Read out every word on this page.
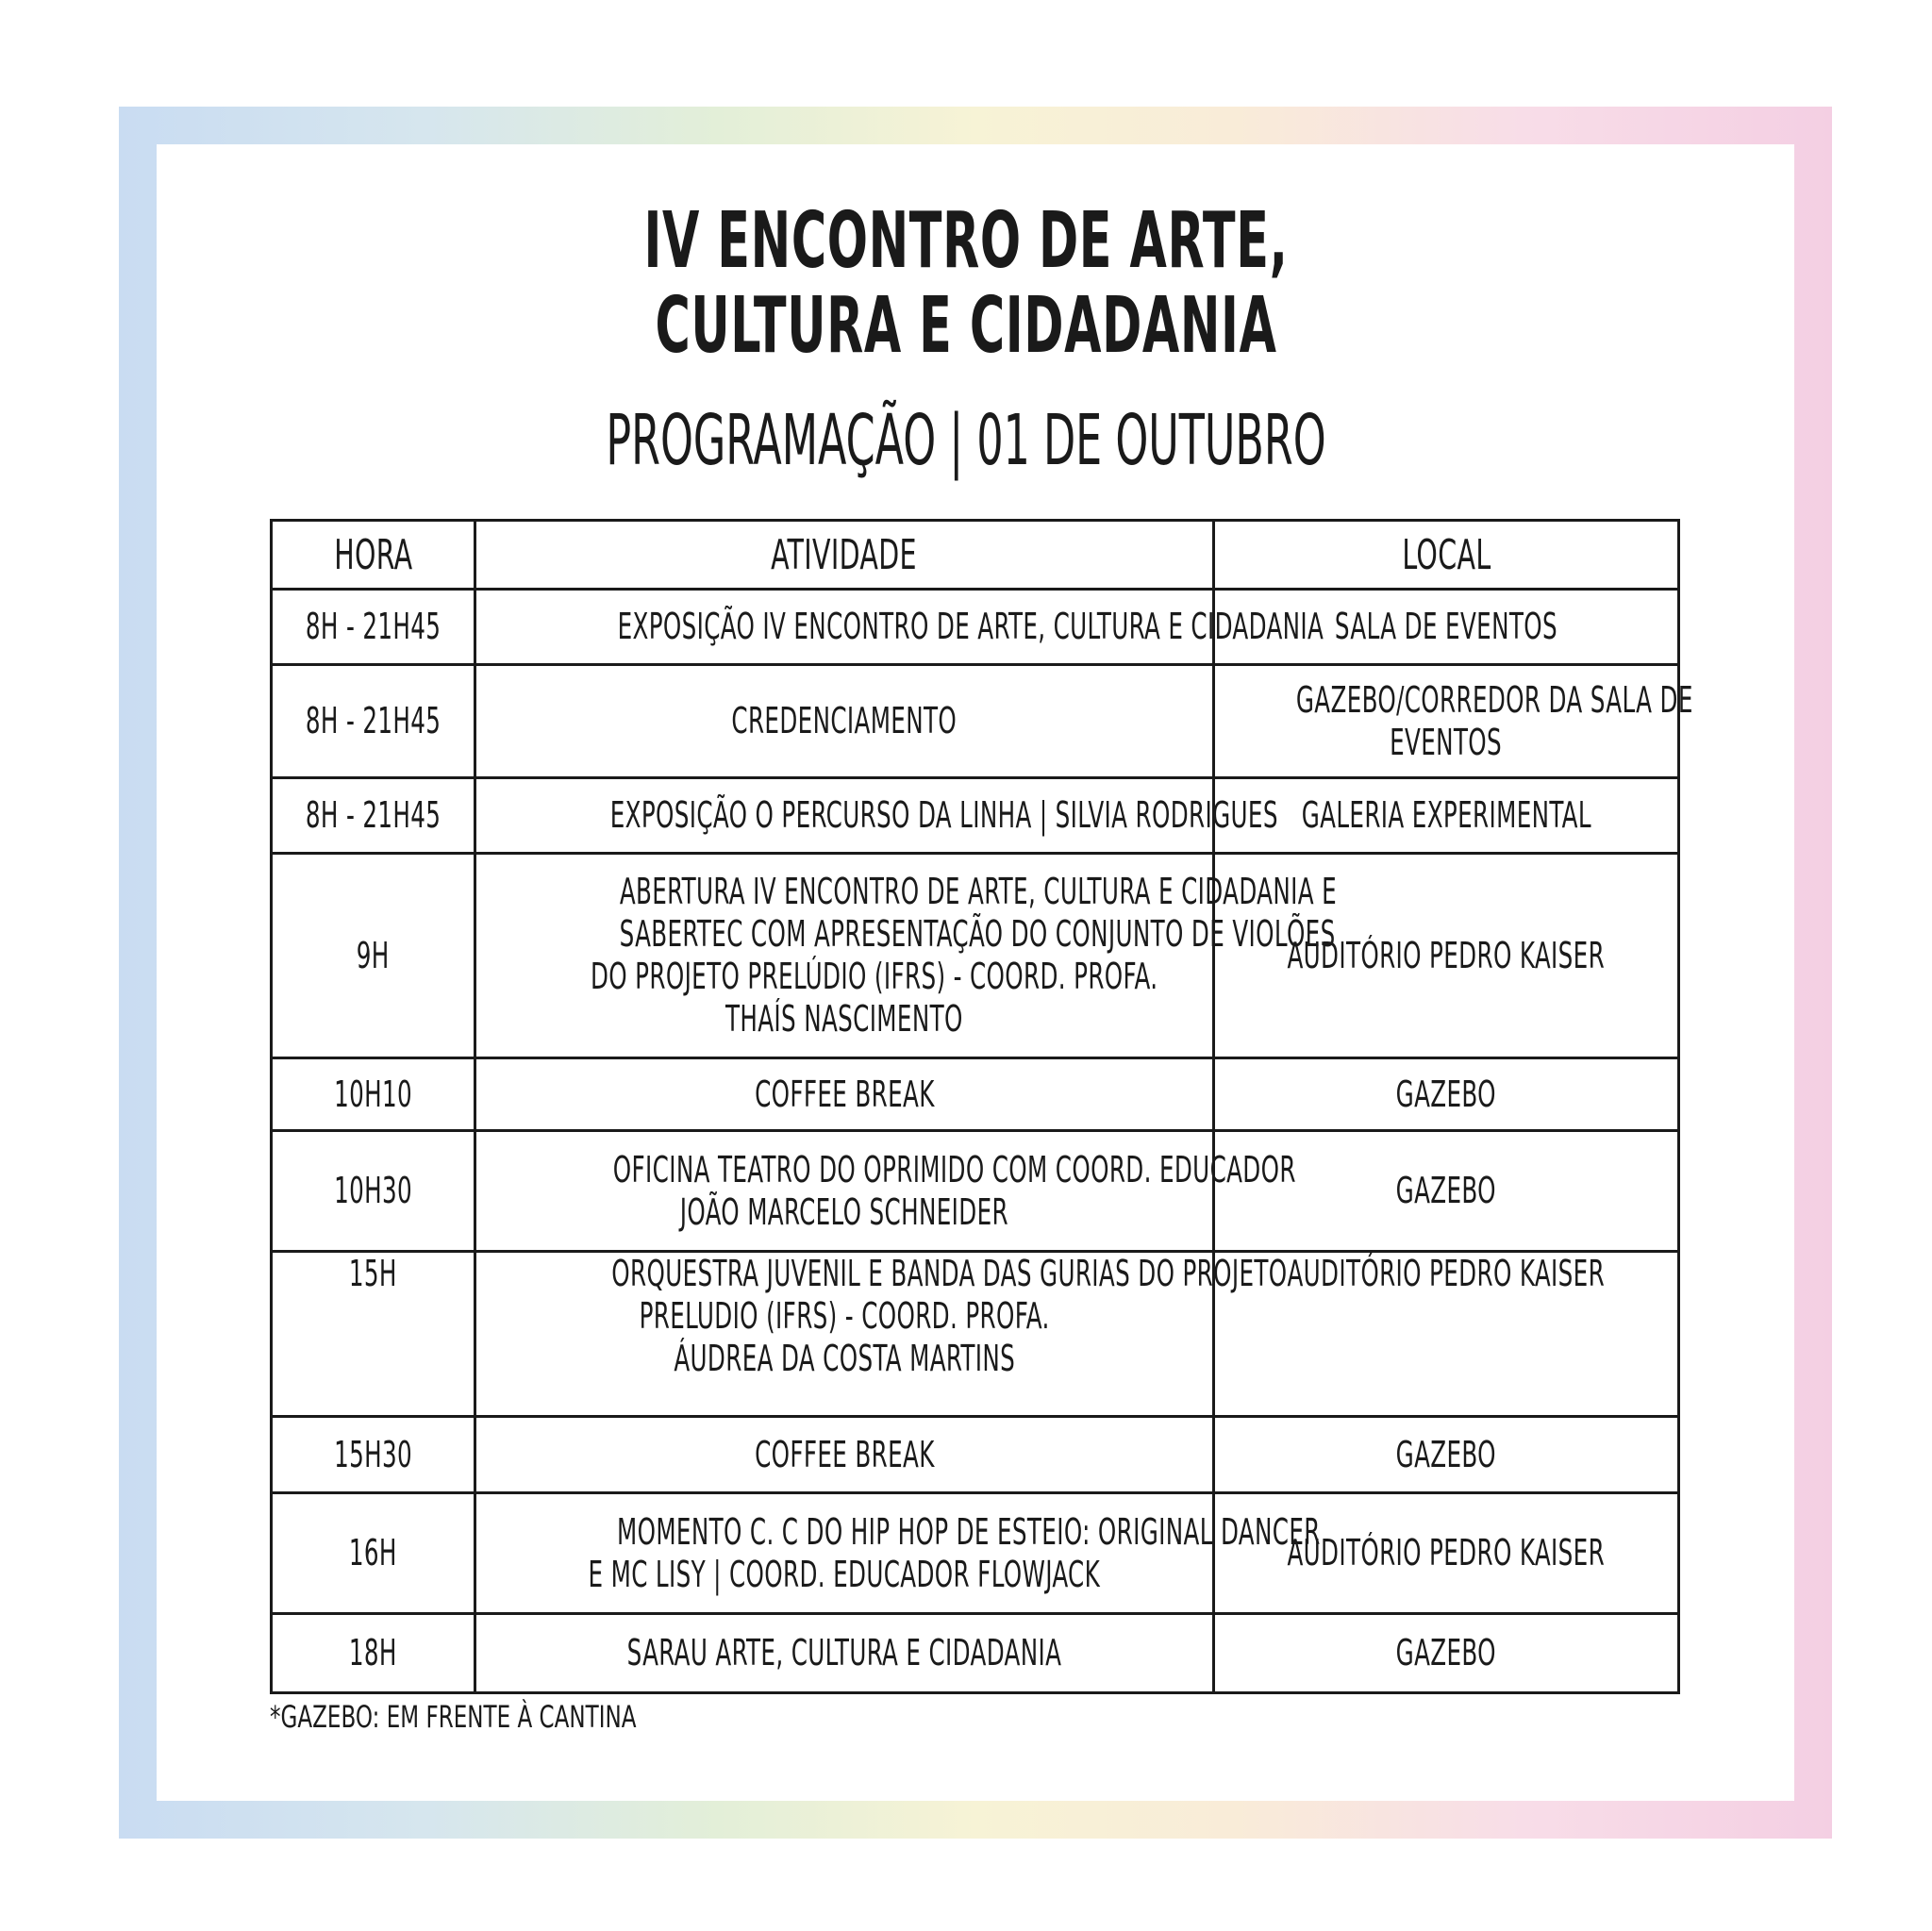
IV ENCONTRO DE ARTE,
CULTURA E CIDADANIA
PROGRAMAÇÃO | 01 DE OUTUBRO
HORA	ATIVIDADE	LOCAL
8H - 21H45	EXPOSIÇÃO IV ENCONTRO DE ARTE, CULTURA E CIDADANIA	SALA DE EVENTOS
8H - 21H45	CREDENCIAMENTO	GAZEBO/CORREDOR DA SALA DE
EVENTOS
8H - 21H45	EXPOSIÇÃO O PERCURSO DA LINHA | SILVIA RODRIGUES	GALERIA EXPERIMENTAL
9H	ABERTURA IV ENCONTRO DE ARTE, CULTURA E CIDADANIA E
SABERTEC COM APRESENTAÇÃO DO CONJUNTO DE VIOLÕES
DO PROJETO PRELÚDIO (IFRS) - COORD. PROFA.
THAÍS NASCIMENTO	AUDITÓRIO PEDRO KAISER
10H10	COFFEE BREAK	GAZEBO
10H30	OFICINA TEATRO DO OPRIMIDO COM COORD. EDUCADOR
JOÃO MARCELO SCHNEIDER	GAZEBO
15H	ORQUESTRA JUVENIL E BANDA DAS GURIAS DO PROJETO
PRELUDIO (IFRS) - COORD. PROFA.
ÁUDREA DA COSTA MARTINS	AUDITÓRIO PEDRO KAISER
15H30	COFFEE BREAK	GAZEBO
16H	MOMENTO C. C DO HIP HOP DE ESTEIO: ORIGINAL DANCER
E MC LISY | COORD. EDUCADOR FLOWJACK	AUDITÓRIO PEDRO KAISER
18H	SARAU ARTE, CULTURA E CIDADANIA	GAZEBO
*GAZEBO: EM FRENTE À CANTINA
